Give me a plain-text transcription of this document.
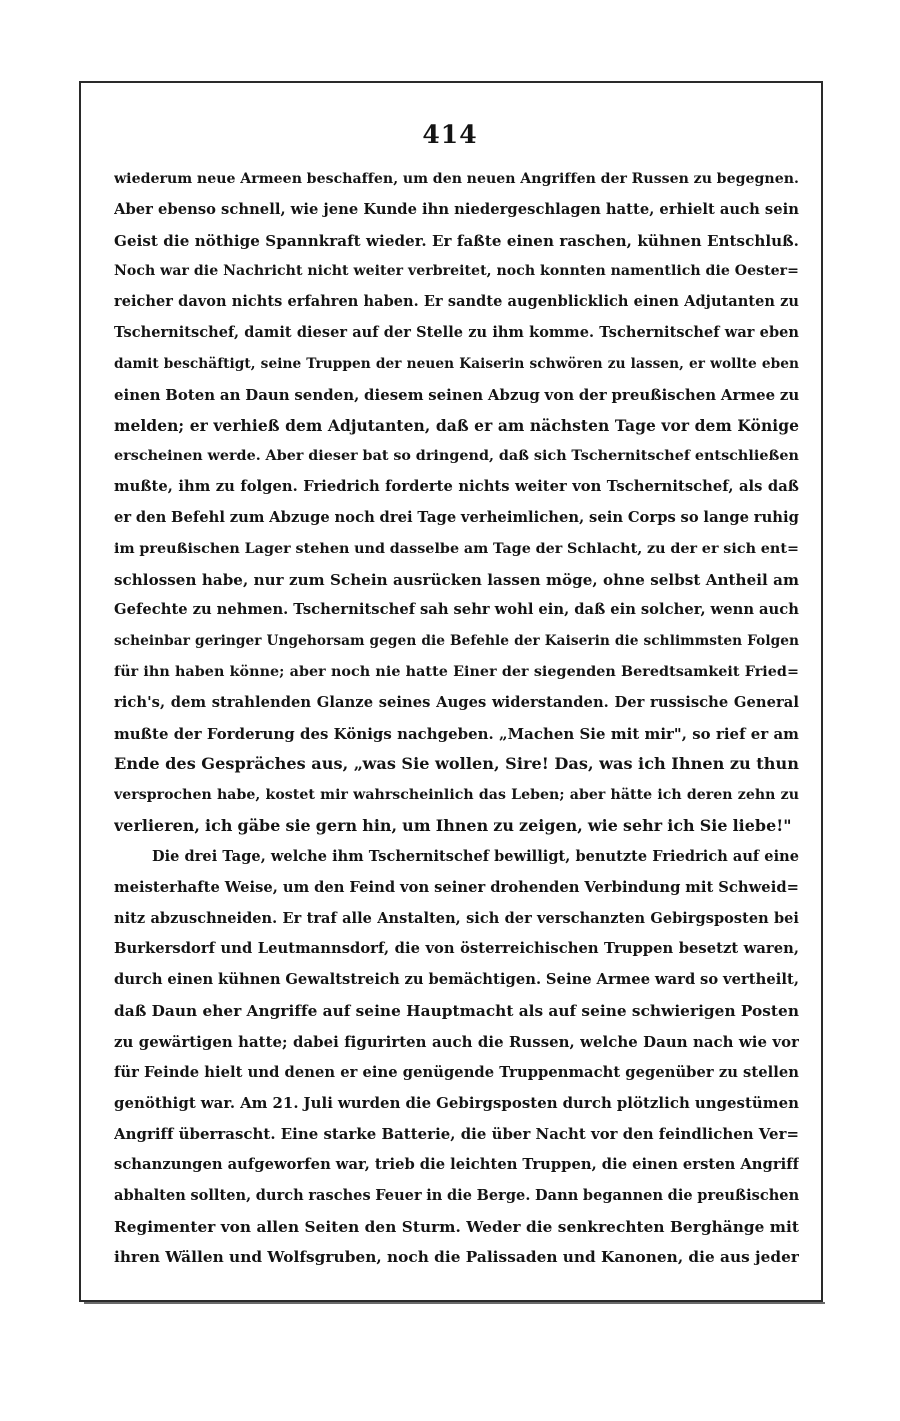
414
wiederum neue Armeen beschaffen, um den neuen Angriffen der Russen zu begegnen.
Aber ebenso schnell, wie jene Kunde ihn niedergeschlagen hatte, erhielt auch sein
Geist die nöthige Spannkraft wieder. Er faßte einen raschen, kühnen Entschluß.
Noch war die Nachricht nicht weiter verbreitet, noch konnten namentlich die Oester=
reicher davon nichts erfahren haben. Er sandte augenblicklich einen Adjutanten zu
Tschernitschef, damit dieser auf der Stelle zu ihm komme. Tschernitschef war eben
damit beschäftigt, seine Truppen der neuen Kaiserin schwören zu lassen, er wollte eben
einen Boten an Daun senden, diesem seinen Abzug von der preußischen Armee zu
melden; er verhieß dem Adjutanten, daß er am nächsten Tage vor dem Könige
erscheinen werde. Aber dieser bat so dringend, daß sich Tschernitschef entschließen
mußte, ihm zu folgen. Friedrich forderte nichts weiter von Tschernitschef, als daß
er den Befehl zum Abzuge noch drei Tage verheimlichen, sein Corps so lange ruhig
im preußischen Lager stehen und dasselbe am Tage der Schlacht, zu der er sich ent=
schlossen habe, nur zum Schein ausrücken lassen möge, ohne selbst Antheil am
Gefechte zu nehmen. Tschernitschef sah sehr wohl ein, daß ein solcher, wenn auch
scheinbar geringer Ungehorsam gegen die Befehle der Kaiserin die schlimmsten Folgen
für ihn haben könne; aber noch nie hatte Einer der siegenden Beredtsamkeit Fried=
rich's, dem strahlenden Glanze seines Auges widerstanden. Der russische General
mußte der Forderung des Königs nachgeben. „Machen Sie mit mir", so rief er am
Ende des Gespräches aus, „was Sie wollen, Sire! Das, was ich Ihnen zu thun
versprochen habe, kostet mir wahrscheinlich das Leben; aber hätte ich deren zehn zu
verlieren, ich gäbe sie gern hin, um Ihnen zu zeigen, wie sehr ich Sie liebe!"
Die drei Tage, welche ihm Tschernitschef bewilligt, benutzte Friedrich auf eine
meisterhafte Weise, um den Feind von seiner drohenden Verbindung mit Schweid=
nitz abzuschneiden. Er traf alle Anstalten, sich der verschanzten Gebirgsposten bei
Burkersdorf und Leutmannsdorf, die von österreichischen Truppen besetzt waren,
durch einen kühnen Gewaltstreich zu bemächtigen. Seine Armee ward so vertheilt,
daß Daun eher Angriffe auf seine Hauptmacht als auf seine schwierigen Posten
zu gewärtigen hatte; dabei figurirten auch die Russen, welche Daun nach wie vor
für Feinde hielt und denen er eine genügende Truppenmacht gegenüber zu stellen
genöthigt war. Am 21. Juli wurden die Gebirgsposten durch plötzlich ungestümen
Angriff überrascht. Eine starke Batterie, die über Nacht vor den feindlichen Ver=
schanzungen aufgeworfen war, trieb die leichten Truppen, die einen ersten Angriff
abhalten sollten, durch rasches Feuer in die Berge. Dann begannen die preußischen
Regimenter von allen Seiten den Sturm. Weder die senkrechten Berghänge mit
ihren Wällen und Wolfsgruben, noch die Palissaden und Kanonen, die aus jeder
